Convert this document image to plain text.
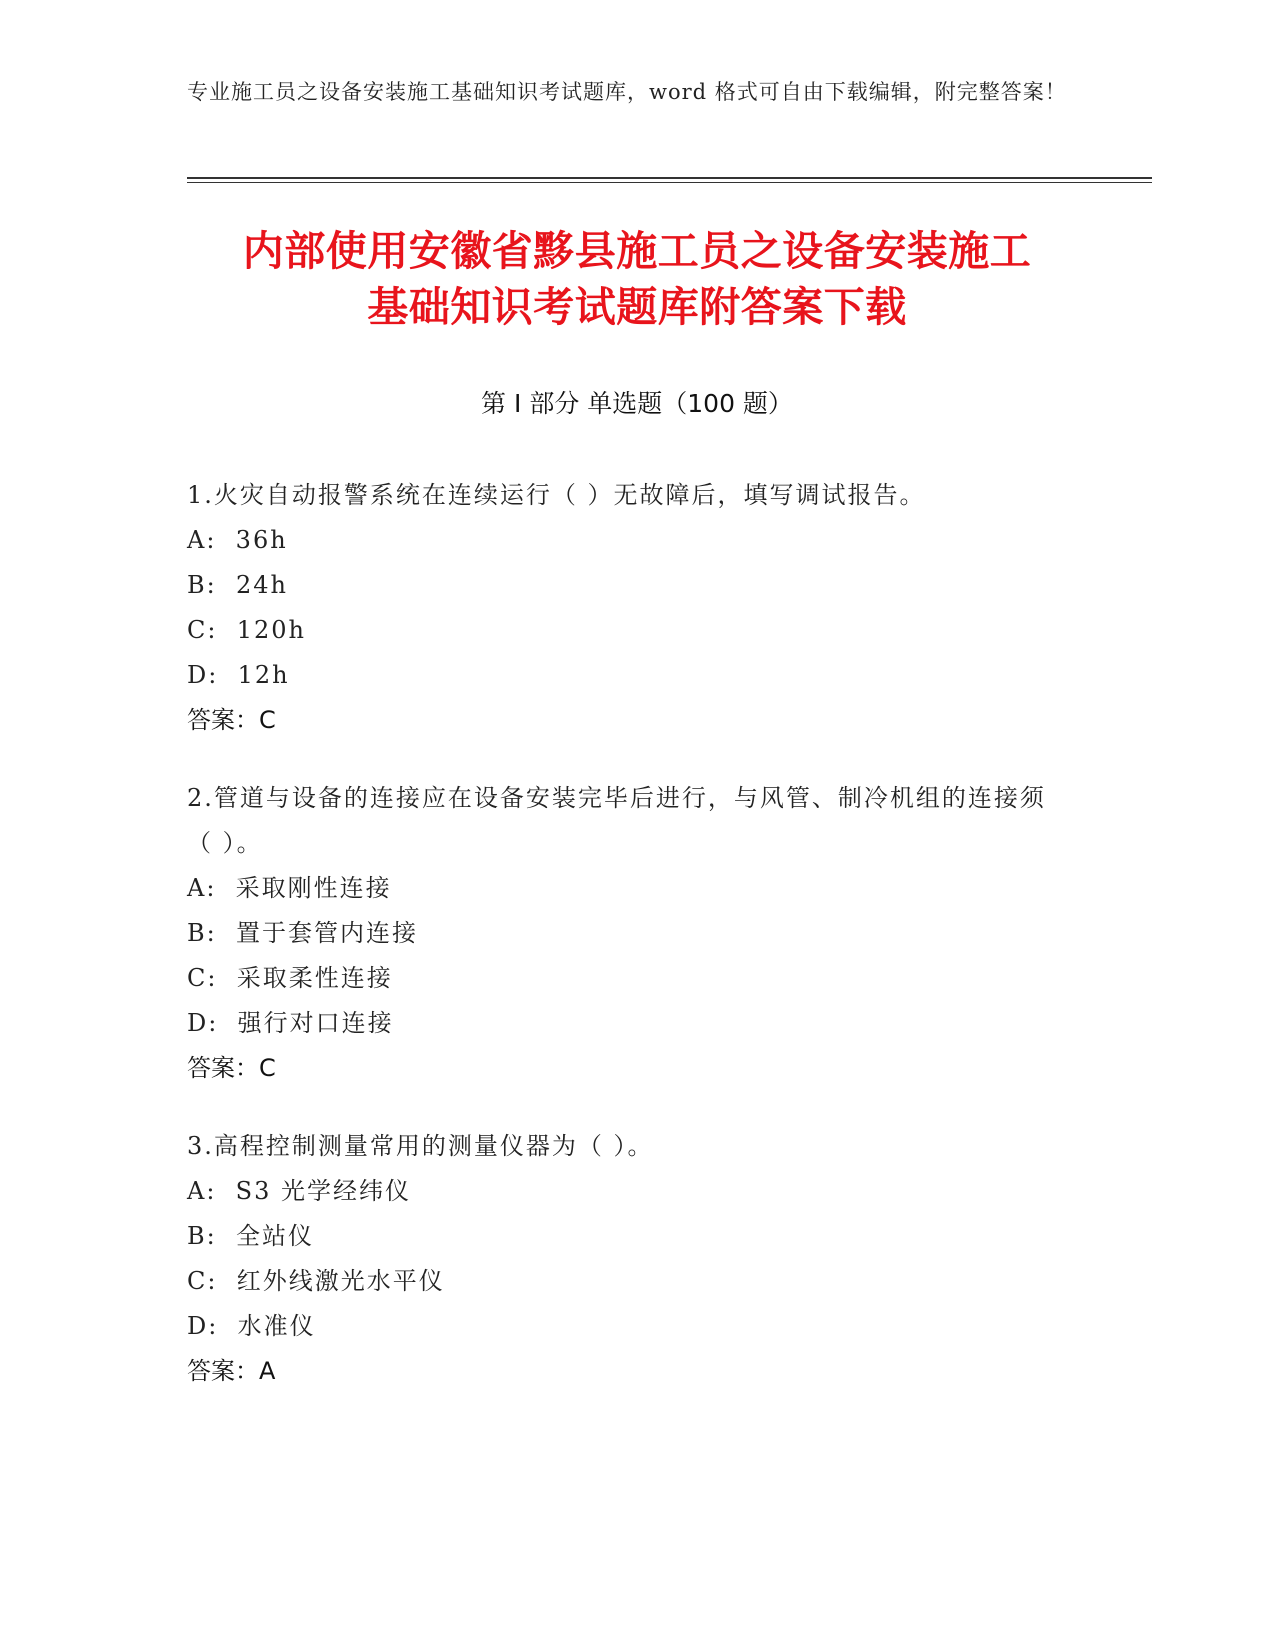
专业施工员之设备安装施工基础知识考试题库，word 格式可自由下载编辑，附完整答案！
内部使用安徽省黟县施工员之设备安装施工
基础知识考试题库附答案下载
第 I 部分 单选题（100 题）
1.火灾自动报警系统在连续运行（ ）无故障后，填写调试报告。
A:  36h
B:  24h
C:  120h
D:  12h
答案：C
2.管道与设备的连接应在设备安装完毕后进行，与风管、制冷机组的连接须（ ）。
A:  采取刚性连接
B:  置于套管内连接
C:  采取柔性连接
D:  强行对口连接
答案：C
3.高程控制测量常用的测量仪器为（ ）。
A:  S3 光学经纬仪
B:  全站仪
C:  红外线激光水平仪
D:  水准仪
答案：A
